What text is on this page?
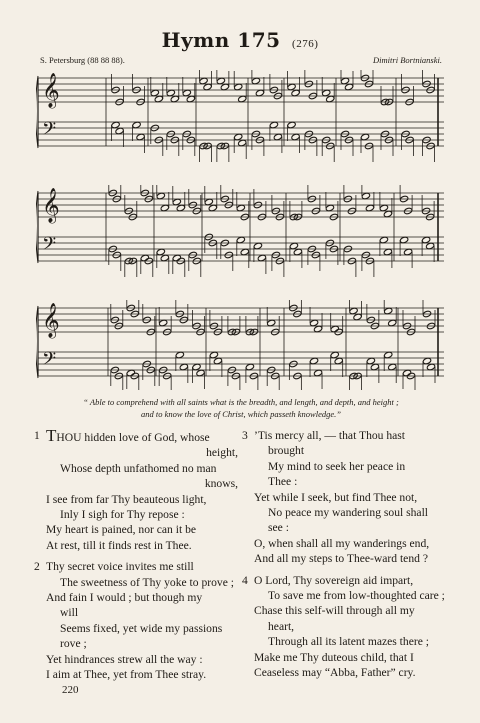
Hymn 175 (276)
S. Petersburg (88 88 88).	Dimitri Bortnianski.
𝄞
𝄢
𝄞
𝄢
𝄞
𝄢
“ Able to comprehend with all saints what is the breadth, and length, and depth, and height ;
and to know the love of Christ, which passeth knowledge.”
1 THOU hidden love of God, whose
height,
Whose depth unfathomed no man
knows,
I see from far Thy beauteous light,
Inly I sigh for Thy repose :
My heart is pained, nor can it be
At rest, till it finds rest in Thee.
2 Thy secret voice invites me still
The sweetness of Thy yoke to prove ;
And fain I would ; but though my
will
Seems fixed, yet wide my passions
rove ;
Yet hindrances strew all the way :
I aim at Thee, yet from Thee stray.
3 ’Tis mercy all, — that Thou hast
brought
My mind to seek her peace in
Thee :
Yet while I seek, but find Thee not,
No peace my wandering soul shall
see :
O, when shall all my wanderings end,
And all my steps to Thee-ward tend ?
4 O Lord, Thy sovereign aid impart,
To save me from low-thoughted care ;
Chase this self-will through all my
heart,
Through all its latent mazes there ;
Make me Thy duteous child, that I
Ceaseless may “Abba, Father” cry.
220
